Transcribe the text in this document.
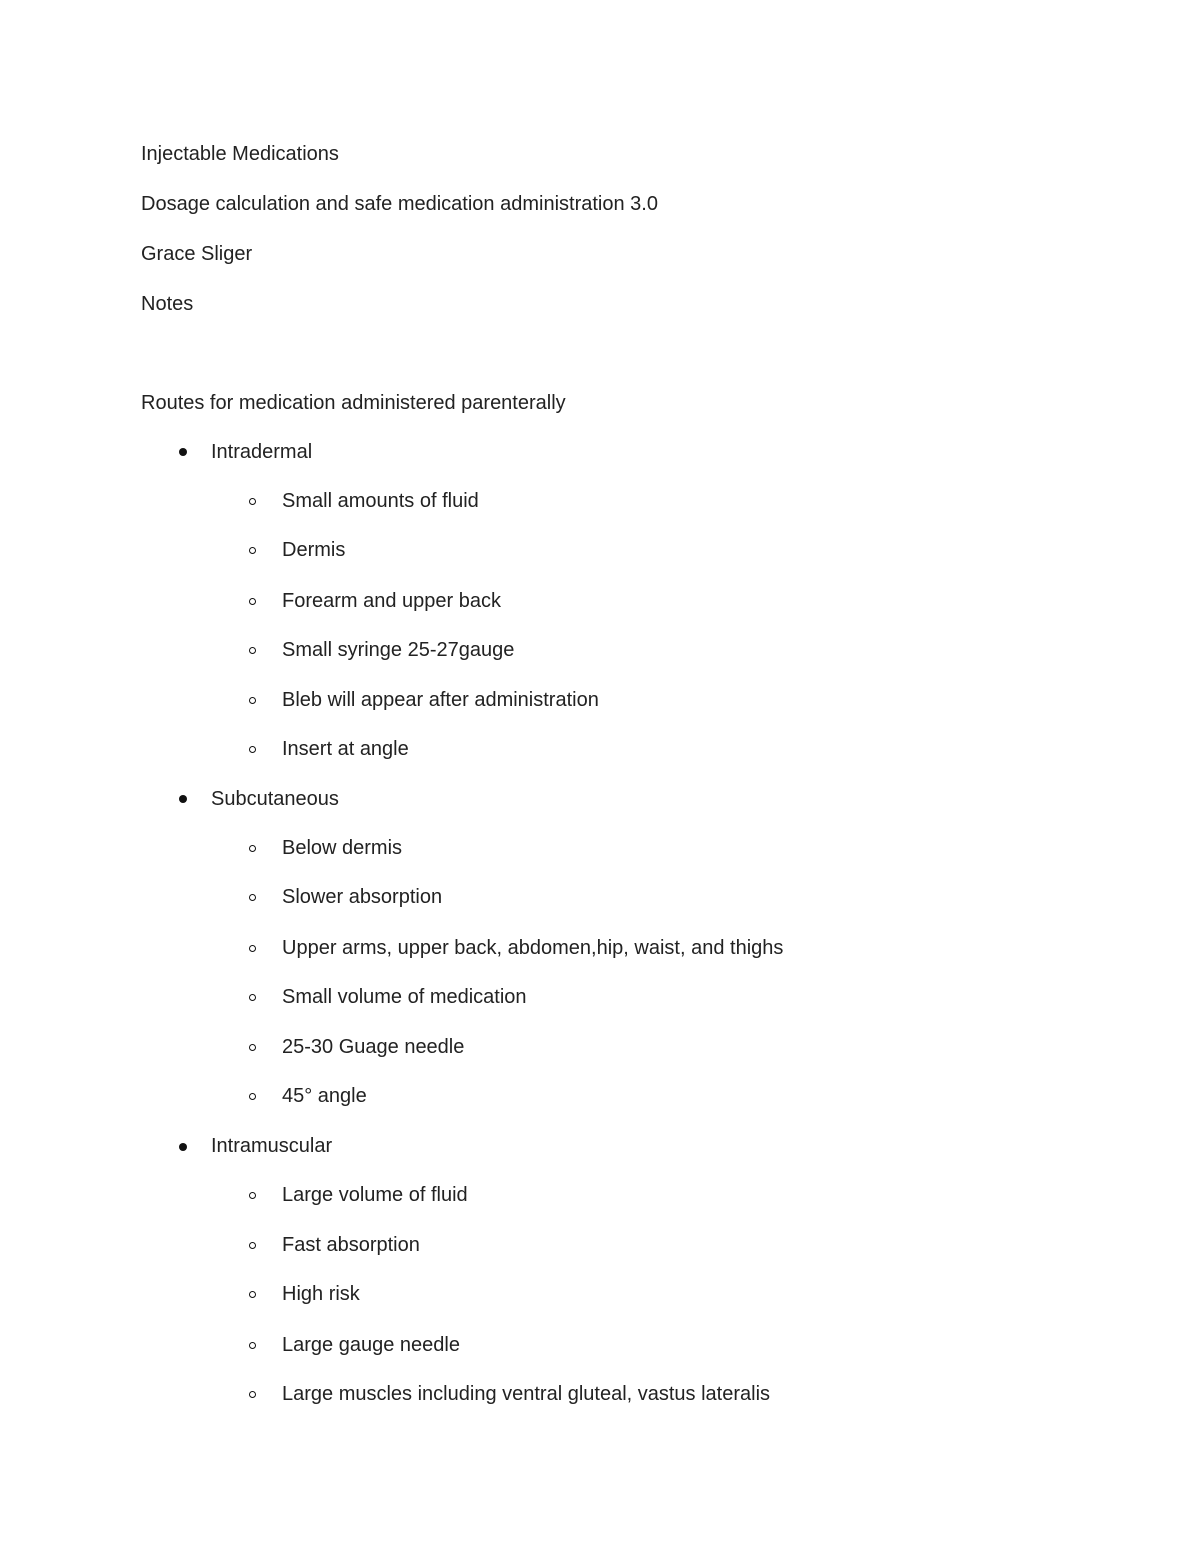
Injectable Medications
Dosage calculation and safe medication administration 3.0
Grace Sliger
Notes
Routes for medication administered parenterally
Intradermal
Small amounts of fluid
Dermis
Forearm and upper back
Small syringe 25-27gauge
Bleb will appear after administration
Insert at angle
Subcutaneous
Below dermis
Slower absorption
Upper arms, upper back, abdomen,hip, waist, and thighs
Small volume of medication
25-30 Guage needle
45° angle
Intramuscular
Large volume of fluid
Fast absorption
High risk
Large gauge needle
Large muscles including ventral gluteal, vastus lateralis
